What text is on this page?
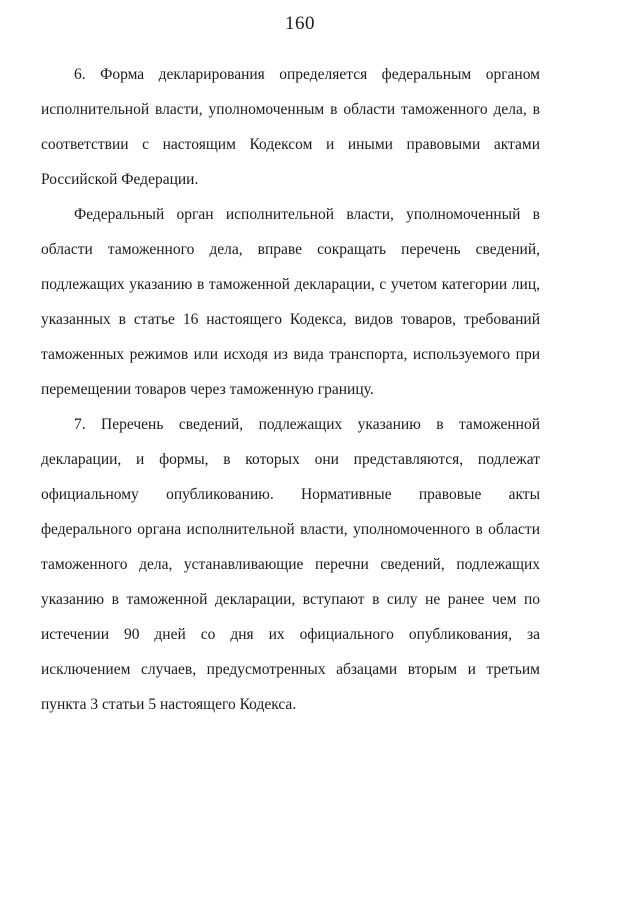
160
6. Форма декларирования определяется федеральным органом
исполнительной власти, уполномоченным в области таможенного дела, в
соответствии с настоящим Кодексом и иными правовыми актами
Российской Федерации.
Федеральный орган исполнительной власти, уполномоченный в
области таможенного дела, вправе сокращать перечень сведений,
подлежащих указанию в таможенной декларации, с учетом категории лиц,
указанных в статье 16 настоящего Кодекса, видов товаров, требований
таможенных режимов или исходя из вида транспорта, используемого при
перемещении товаров через таможенную границу.
7. Перечень сведений, подлежащих указанию в таможенной
декларации, и формы, в которых они представляются, подлежат
официальному опубликованию. Нормативные правовые акты
федерального органа исполнительной власти, уполномоченного в области
таможенного дела, устанавливающие перечни сведений, подлежащих
указанию в таможенной декларации, вступают в силу не ранее чем по
истечении 90 дней со дня их официального опубликования, за
исключением случаев, предусмотренных абзацами вторым и третьим
пункта 3 статьи 5 настоящего Кодекса.
